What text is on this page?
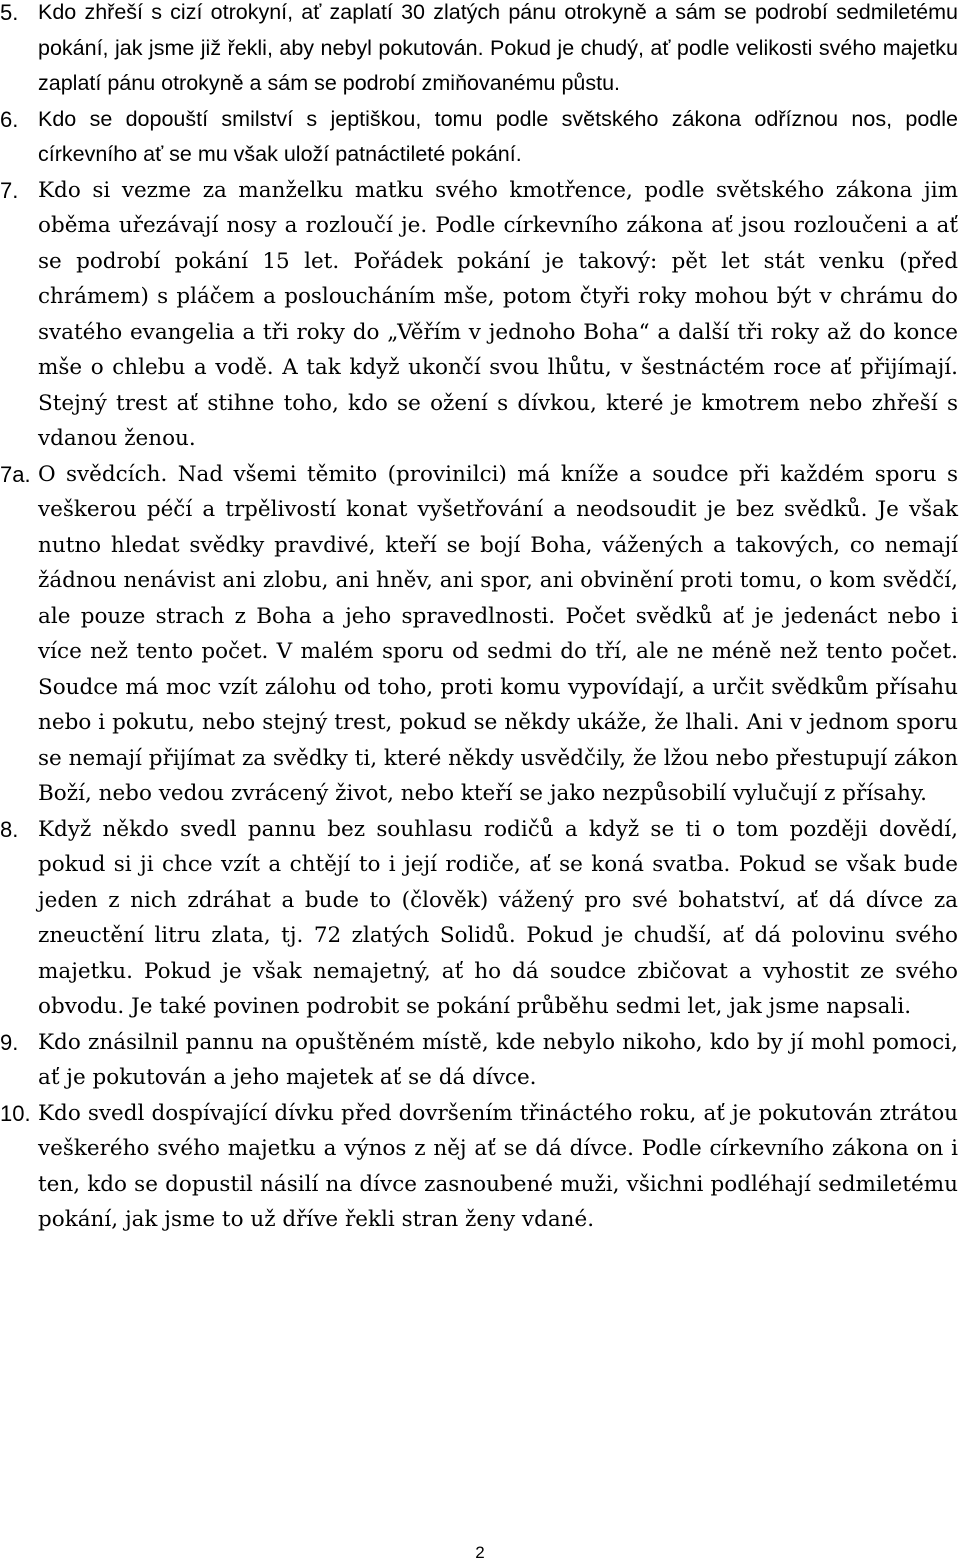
5. Kdo zhřeší s cizí otrokyní, ať zaplatí 30 zlatých pánu otrokyně a sám se podrobí sedmiletému pokání, jak jsme již řekli, aby nebyl pokutován. Pokud je chudý, ať podle velikosti svého majetku zaplatí pánu otrokyně a sám se podrobí zmiňovanému půstu.

6. Kdo se dopouští smilství s jeptiškou, tomu podle světského zákona odříznou nos, podle církevního ať se mu však uloží patnáctileté pokání.

7. Kdo si vezme za manželku matku svého kmotřence, podle světského zákona jim oběma uřezávají nosy a rozloučí je. Podle církevního zákona ať jsou rozloučeni a ať se podrobí pokání 15 let. Pořádek pokání je takový: pět let stát venku (před chrámem) s pláčem a posloucháním mše, potom čtyři roky mohou být v chrámu do svatého evangelia a tři roky do „Věřím v jednoho Boha“ a další tři roky až do konce mše o chlebu a vodě. A tak když ukončí svou lhůtu, v šestnáctém roce ať přijímají. Stejný trest ať stihne toho, kdo se ožení s dívkou, které je kmotrem nebo zhřeší s vdanou ženou.

7a. O svědcích. Nad všemi těmito (provinilci) má kníže a soudce při každém sporu s veškerou péčí a trpělivostí konat vyšetřování a neodsoudit je bez svědků. Je však nutno hledat svědky pravdivé, kteří se bojí Boha, vážených a takových, co nemají žádnou nenávist ani zlobu, ani hněv, ani spor, ani obvinění proti tomu, o kom svědčí, ale pouze strach z Boha a jeho spravedlnosti. Počet svědků ať je jedenáct nebo i více než tento počet. V malém sporu od sedmi do tří, ale ne méně než tento počet. Soudce má moc vzít zálohu od toho, proti komu vypovídají, a určit svědkům přísahu nebo i pokutu, nebo stejný trest, pokud se někdy ukáže, že lhali. Ani v jednom sporu se nemají přijímat za svědky ti, které někdy usvědčily, že lžou nebo přestupují zákon Boží, nebo vedou zvrácený život, nebo kteří se jako nezpůsobilí vylučují z přísahy.

8. Když někdo svedl pannu bez souhlasu rodičů a když se ti o tom později dovědí, pokud si ji chce vzít a chtějí to i její rodiče, ať se koná svatba. Pokud se však bude jeden z nich zdráhat a bude to (člověk) vážený pro své bohatství, ať dá dívce za zneuctění litru zlata, tj. 72 zlatých Solidů. Pokud je chudší, ať dá polovinu svého majetku. Pokud je však nemajetný, ať ho dá soudce zbičovat a vyhostit ze svého obvodu. Je také povinen podrobit se pokání průběhu sedmi let, jak jsme napsali.

9. Kdo znásilnil pannu na opuštěném místě, kde nebylo nikoho, kdo by jí mohl pomoci, ať je pokutován a jeho majetek ať se dá dívce.

10. Kdo svedl dospívající dívku před dovršením třináctého roku, ať je pokutován ztrátou veškerého svého majetku a výnos z něj ať se dá dívce. Podle církevního zákona on i ten, kdo se dopustil násilí na dívce zasnoubené muži, všichni podléhají sedmiletému pokání, jak jsme to už dříve řekli stran ženy vdané.

2
